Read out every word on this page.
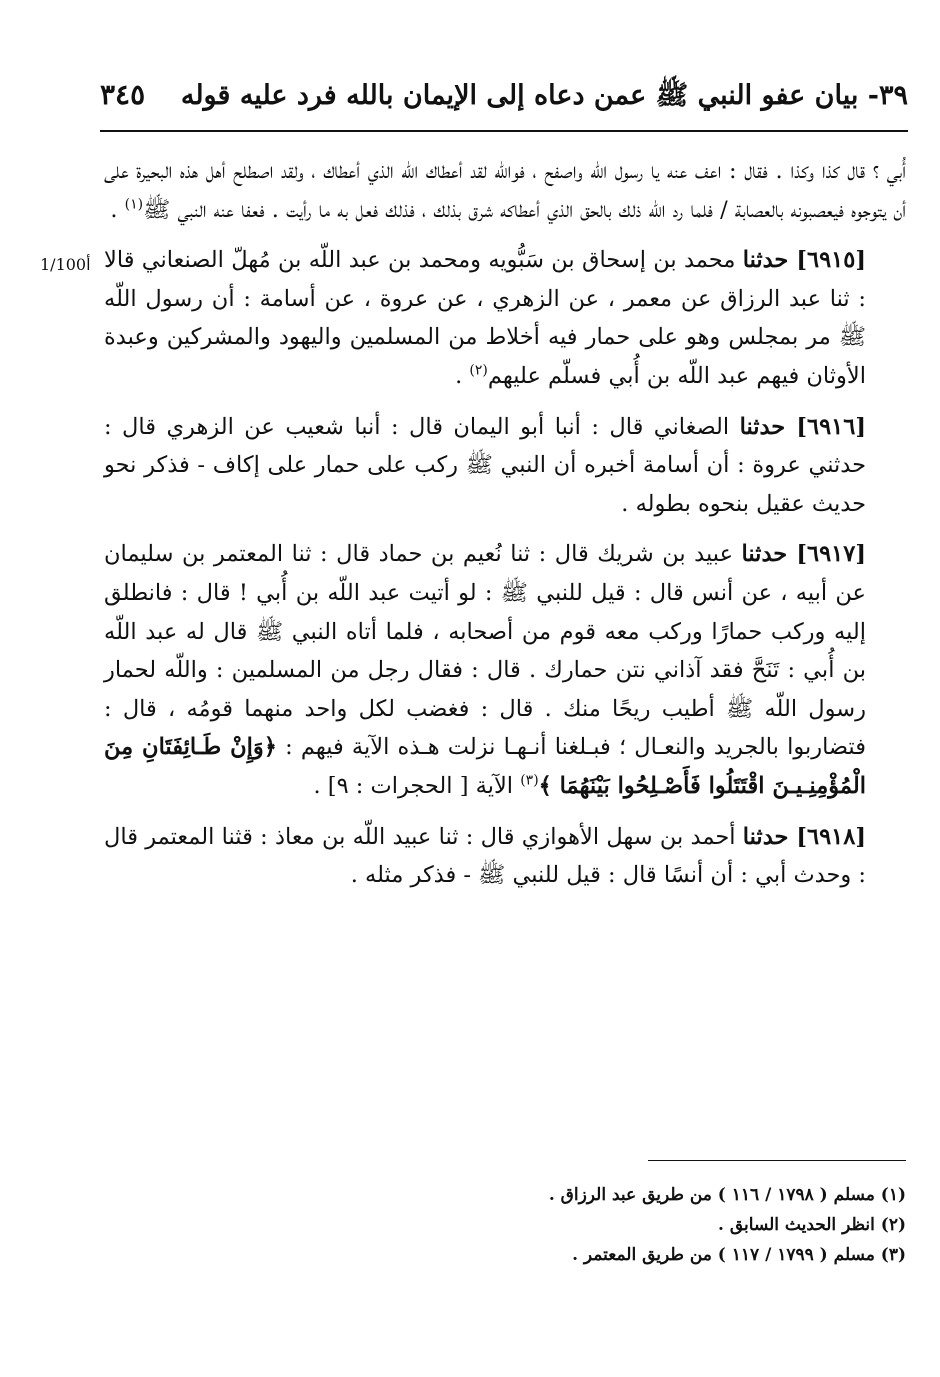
٣٩- بيان عفو النبي ﷺ عمن دعاه إلى الإيمان بالله فرد عليه قوله
٣٤٥
1/100أ

أُبي ؟ قال كذا وكذا . فقال : اعف عنه يا رسول اللّه واصفح ، فواللّه لقد أعطاك اللّه الذي أعطاك ، ولقد اصطلح أهل هذه البحيرة على أن يتوجوه فيعصبونه بالعصابة / فلما رد اللّه ذلك بالحق الذي أعطاكه شرق بذلك ، فذلك فعل به ما رأيت . فعفا عنه النبي ﷺ$^{(١)}$ .

[٦٩١٥] حدثنا محمد بن إسحاق بن سَبُّويه ومحمد بن عبد اللّه بن مُهلّ الصنعاني قالا : ثنا عبد الرزاق عن معمر ، عن الزهري ، عن عروة ، عن أسامة : أن رسول اللّه ﷺ مر بمجلس وهو على حمار فيه أخلاط من المسلمين واليهود والمشركين وعبدة الأوثان فيهم عبد اللّه بن أُبي فسلّم عليهم$^{(٢)}$ .

[٦٩١٦] حدثنا الصغاني قال : أنبا أبو اليمان قال : أنبا شعيب عن الزهري قال : حدثني عروة : أن أسامة أخبره أن النبي ﷺ ركب على حمار على إكاف - فذكر نحو حديث عقيل بنحوه بطوله .

[٦٩١٧] حدثنا عبيد بن شريك قال : ثنا نُعيم بن حماد قال : ثنا المعتمر بن سليمان عن أبيه ، عن أنس قال : قيل للنبي ﷺ : لو أتيت عبد اللّه بن أُبي ! قال : فانطلق إليه وركب حمارًا وركب معه قوم من أصحابه ، فلما أتاه النبي ﷺ قال له عبد اللّه بن أُبي : تَنَحَّ فقد آذاني نتن حمارك . قال : فقال رجل من المسلمين : واللّه لحمار رسول اللّه ﷺ أطيب ريحًا منك . قال : فغضب لكل واحد منهما قومُه ، قال : فتضاربوا بالجريد والنعـال ؛ فبـلغنا أنـهـا نزلت هـذه الآية فيهم : ﴿وَإِنْ طَـائِفَتَانِ مِنَ الْمُؤْمِنِـيـنَ اقْتَتَلُوا فَأَصْـلِحُوا بَيْنَهُمَا ﴾$^{(٣)}$ الآية [ الحجرات : ٩] .

[٦٩١٨] حدثنا أحمد بن سهل الأهوازي قال : ثنا عبيد اللّه بن معاذ : قثنا المعتمر قال : وحدث أبي : أن أنسًا قال : قيل للنبي ﷺ - فذكر مثله .

(١) مسلم ( ١٧٩٨ / ١١٦ ) من طريق عبد الرزاق .

(٢) انظر الحديث السابق .

(٣) مسلم ( ١٧٩٩ / ١١٧ ) من طريق المعتمر .
